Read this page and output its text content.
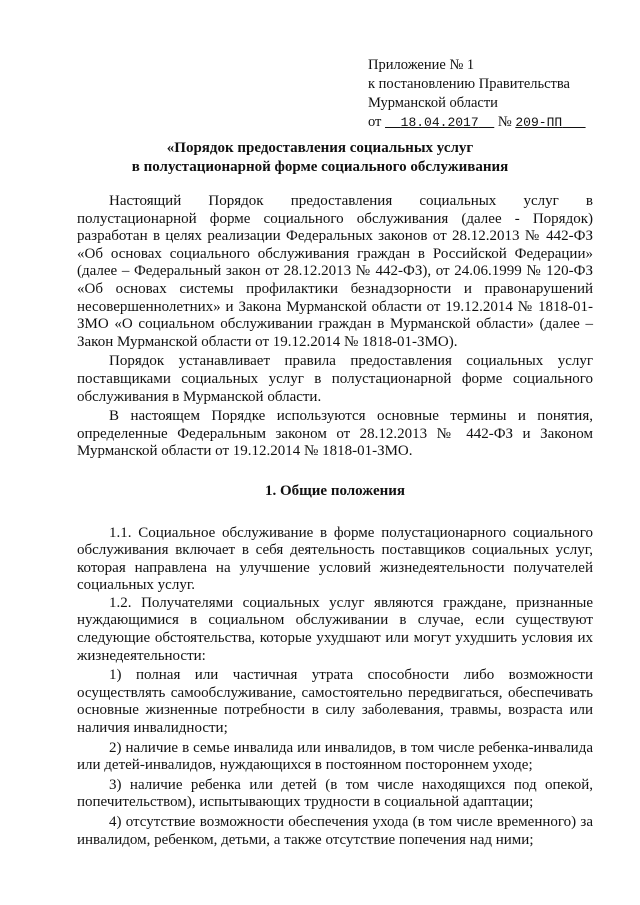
Приложение № 1
к постановлению Правительства
Мурманской области
от 18.04.2017 № 209-ПП
«Порядок предоставления социальных услуг
в полустационарной форме социального обслуживания

Настоящий Порядок предоставления социальных услуг в полустационарной форме социального обслуживания (далее - Порядок) разработан в целях реализации Федеральных законов от 28.12.2013 № 442-ФЗ «Об основах социального обслуживания граждан в Российской Федерации» (далее – Федеральный закон от 28.12.2013 № 442-ФЗ), от 24.06.1999 № 120-ФЗ «Об основах системы профилактики безнадзорности и правонарушений несовершеннолетних» и Закона Мурманской области от 19.12.2014 № 1818-01-ЗМО «О социальном обслуживании граждан в Мурманской области» (далее – Закон Мурманской области от 19.12.2014 № 1818-01-ЗМО).

Порядок устанавливает правила предоставления социальных услуг поставщиками социальных услуг в полустационарной форме социального обслуживания в Мурманской области.

В настоящем Порядке используются основные термины и понятия, определенные Федеральным законом от 28.12.2013 № 442-ФЗ и Законом Мурманской области от 19.12.2014 № 1818-01-ЗМО.

1. Общие положения

1.1. Социальное обслуживание в форме полустационарного социального обслуживания включает в себя деятельность поставщиков социальных услуг, которая направлена на улучшение условий жизнедеятельности получателей социальных услуг.

1.2. Получателями социальных услуг являются граждане, признанные нуждающимися в социальном обслуживании в случае, если существуют следующие обстоятельства, которые ухудшают или могут ухудшить условия их жизнедеятельности:

1) полная или частичная утрата способности либо возможности осуществлять самообслуживание, самостоятельно передвигаться, обеспечивать основные жизненные потребности в силу заболевания, травмы, возраста или наличия инвалидности;

2) наличие в семье инвалида или инвалидов, в том числе ребенка-инвалида или детей-инвалидов, нуждающихся в постоянном постороннем уходе;

3) наличие ребенка или детей (в том числе находящихся под опекой, попечительством), испытывающих трудности в социальной адаптации;

4) отсутствие возможности обеспечения ухода (в том числе временного) за инвалидом, ребенком, детьми, а также отсутствие попечения над ними;
